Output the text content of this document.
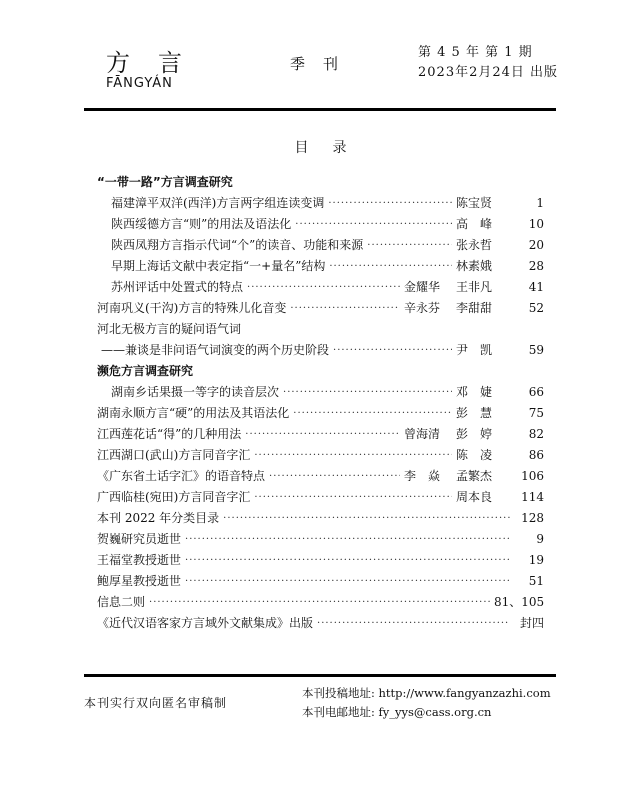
方言
FĀNGYÁN
季刊
第 4 5 年 第 1 期
2023年2月24日 出版
目录
“一带一路”方言调查研究
福建漳平双洋(西洋)方言两字组连读变调 ·····	陈宝贤	1
陕西绥德方言“则”的用法及语法化 ·····	高　峰	10
陕西凤翔方言指示代词“个”的读音、功能和来源 ·····	张永哲	20
早期上海话文献中表定指“一+量名”结构 ·····	林素娥	28
苏州评话中处置式的特点 ·····	金耀华	王非凡	41
河南巩义(干沟)方言的特殊儿化音变 ·····	辛永芬	李甜甜	52
河北无极方言的疑问语气词
——兼谈是非问语气词演变的两个历史阶段 ·····	尹　凯	59
濒危方言调查研究
湖南乡话果摄一等字的读音层次 ·····	邓　婕	66
湖南永顺方言“硬”的用法及其语法化 ·····	彭　慧	75
江西莲花话“得”的几种用法 ·····	曾海清	彭　婷	82
江西湖口(武山)方言同音字汇 ·····	陈　凌	86
《广东省土话字汇》的语音特点 ·····	李　焱	孟繁杰	106
广西临桂(宛田)方言同音字汇 ·····	周本良	114
本刊 2022 年分类目录 ·····	128
贺巍研究员逝世 ·····	9
王福堂教授逝世 ·····	19
鲍厚星教授逝世 ·····	51
信息二则 ·····	81、105
《近代汉语客家方言域外文献集成》出版 ·····	封四
本刊实行双向匿名审稿制
本刊投稿地址: http://www.fangyanzazhi.com
本刊电邮地址: fy_yys@cass.org.cn
